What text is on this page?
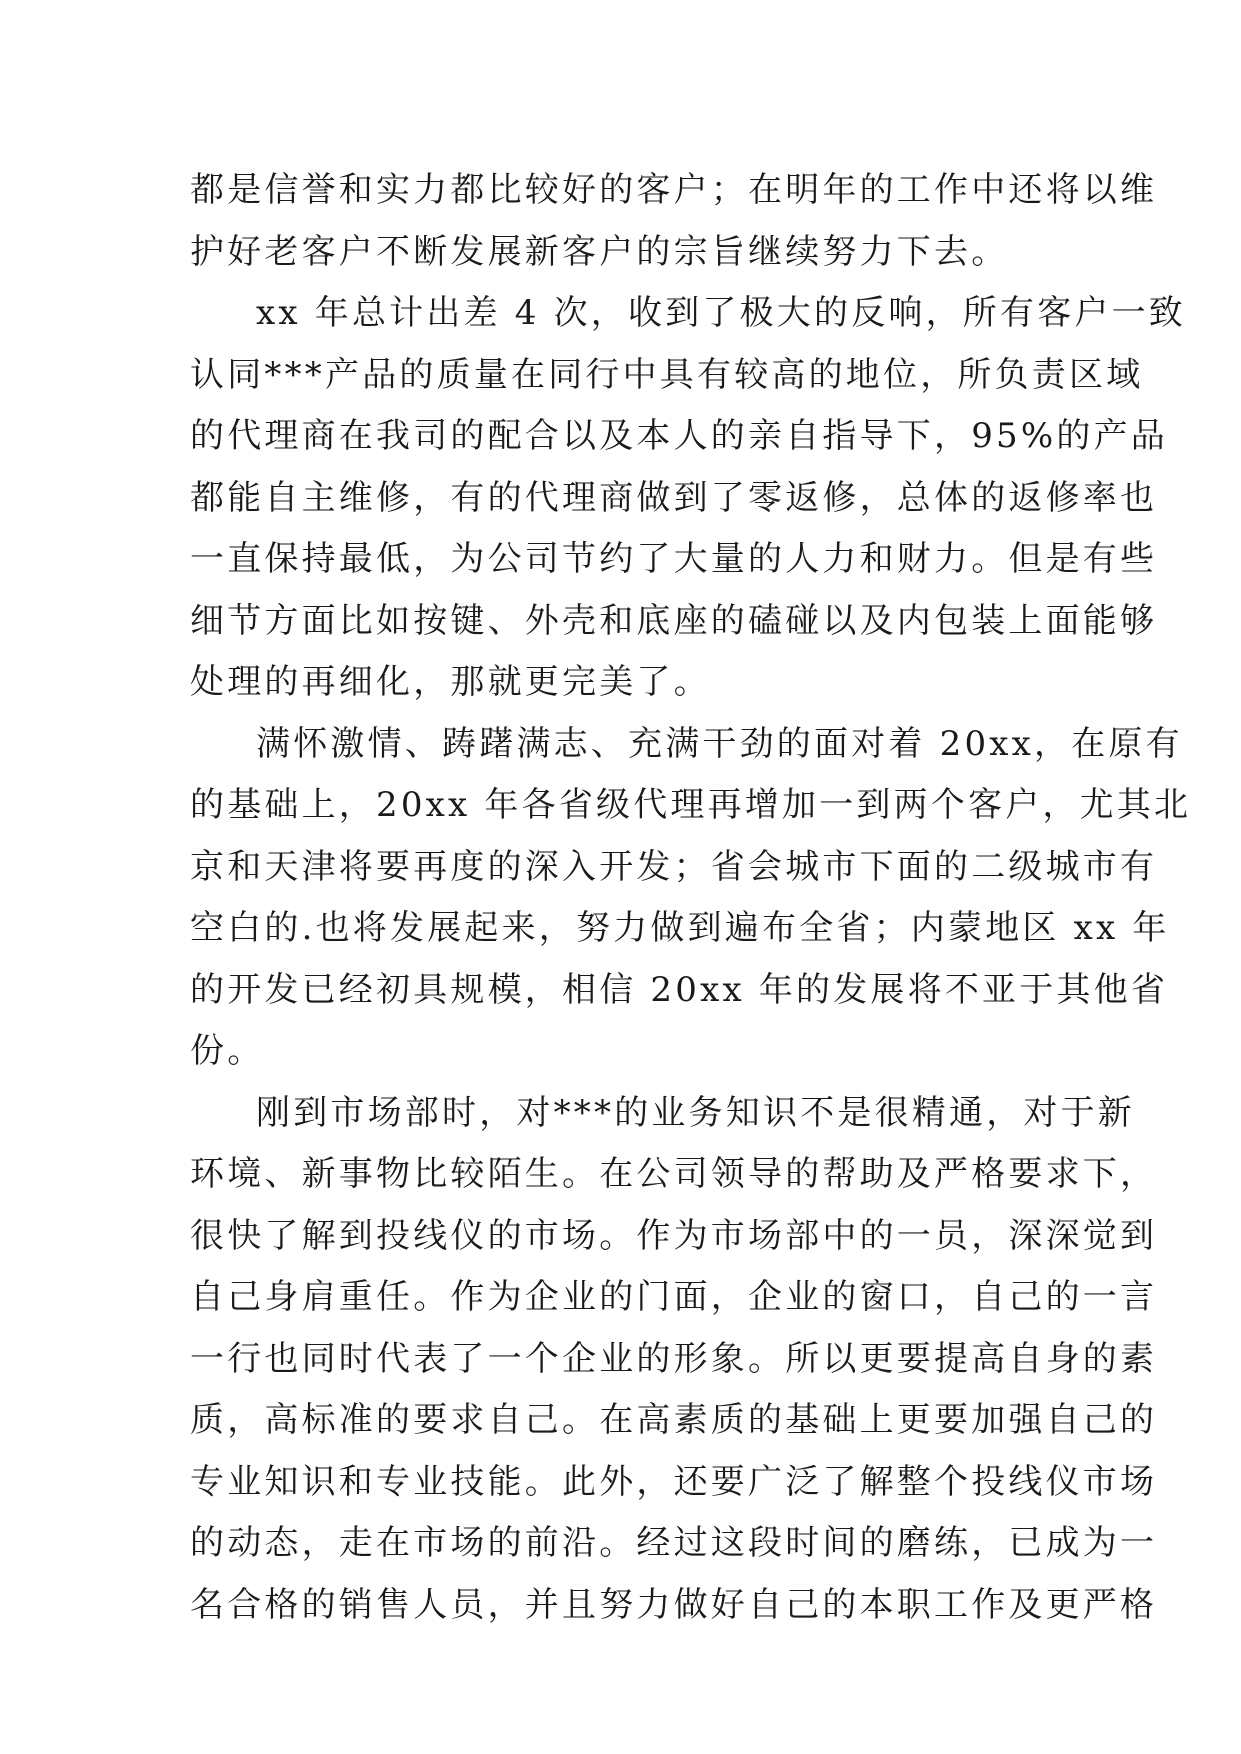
都是信誉和实力都比较好的客户；在明年的工作中还将以维
护好老客户不断发展新客户的宗旨继续努力下去。
xx 年总计出差 4 次，收到了极大的反响，所有客户一致
认同***产品的质量在同行中具有较高的地位，所负责区域
的代理商在我司的配合以及本人的亲自指导下，95%的产品
都能自主维修，有的代理商做到了零返修，总体的返修率也
一直保持最低，为公司节约了大量的人力和财力。但是有些
细节方面比如按键、外壳和底座的磕碰以及内包装上面能够
处理的再细化，那就更完美了。
满怀激情、踌躇满志、充满干劲的面对着 20xx，在原有
的基础上，20xx 年各省级代理再增加一到两个客户，尤其北
京和天津将要再度的深入开发；省会城市下面的二级城市有
空白的.也将发展起来，努力做到遍布全省；内蒙地区 xx 年
的开发已经初具规模，相信 20xx 年的发展将不亚于其他省
份。
刚到市场部时，对***的业务知识不是很精通，对于新
环境、新事物比较陌生。在公司领导的帮助及严格要求下，
很快了解到投线仪的市场。作为市场部中的一员，深深觉到
自己身肩重任。作为企业的门面，企业的窗口，自己的一言
一行也同时代表了一个企业的形象。所以更要提高自身的素
质，高标准的要求自己。在高素质的基础上更要加强自己的
专业知识和专业技能。此外，还要广泛了解整个投线仪市场
的动态，走在市场的前沿。经过这段时间的磨练，已成为一
名合格的销售人员，并且努力做好自己的本职工作及更严格
